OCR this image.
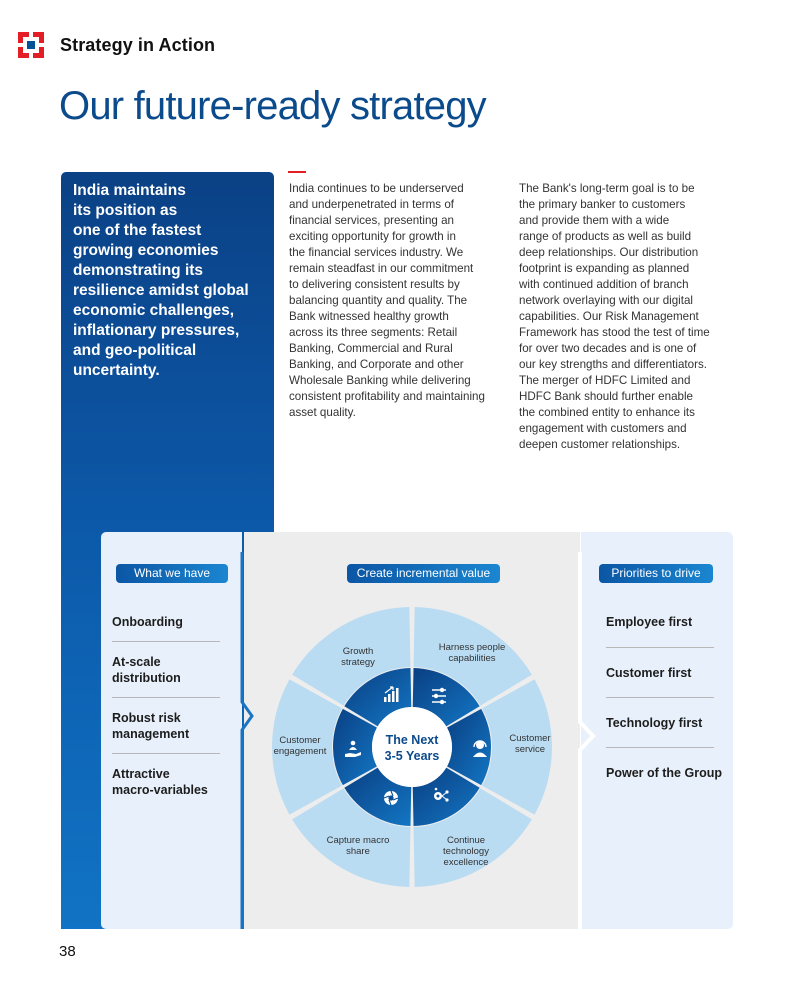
Strategy in Action
Our future-ready strategy
India maintains
its position as
one of the fastest
growing economies
demonstrating its
resilience amidst global
economic challenges,
inflationary pressures,
and geo-political
uncertainty.
India continues to be underserved
and underpenetrated in terms of
financial services, presenting an
exciting opportunity for growth in
the financial services industry. We
remain steadfast in our commitment
to delivering consistent results by
balancing quantity and quality. The
Bank witnessed healthy growth
across its three segments: Retail
Banking, Commercial and Rural
Banking, and Corporate and other
Wholesale Banking while delivering
consistent profitability and maintaining
asset quality.
The Bank's long-term goal is to be
the primary banker to customers
and provide them with a wide
range of products as well as build
deep relationships. Our distribution
footprint is expanding as planned
with continued addition of branch
network overlaying with our digital
capabilities. Our Risk Management
Framework has stood the test of time
for over two decades and is one of
our key strengths and differentiators.
The merger of HDFC Limited and
HDFC Bank should further enable
the combined entity to enhance its
engagement with customers and
deepen customer relationships.
What we have	Create incremental value	Priorities to drive
Onboarding
At-scale
distribution
Robust risk
management
Attractive
macro-variables
Employee first
Customer first
Technology first
Power of the Group
The Next
3-5 Years
Growth
strategy
Harness people
capabilities
Customer
service
Continue
technology
excellence
Capture macro
share
Customer
engagement
38
